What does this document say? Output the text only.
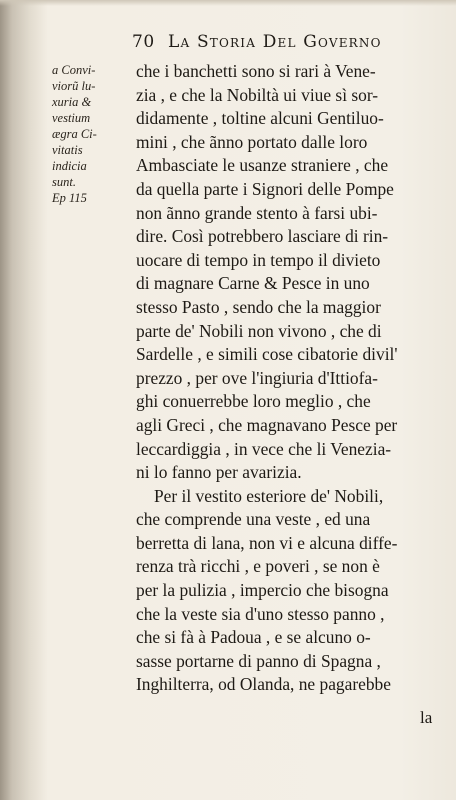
70 La Storia Del Governo
a Convi-
viorũ lu-
xuria &
vestium
ægra Ci-
vitatis
indicia
sunt.
Ep 115
che i banchetti sono si rari à Vene-
zia , e che la Nobiltà ui viue sì sor-
didamente , toltine alcuni Gentiluo-
mini , che ãnno portato dalle loro
Ambasciate le usanze straniere , che
da quella parte i Signori delle Pompe
non ãnno grande stento à farsi ubi-
dire. Così potrebbero lasciare di rin-
uocare di tempo in tempo il divieto
di magnare Carne & Pesce in uno
stesso Pasto , sendo che la maggior
parte de' Nobili non vivono , che di
Sardelle , e simili cose cibatorie divil'
prezzo , per ove l'ingiuria d'Ittiofa-
ghi conuerrebbe loro meglio , che
agli Greci , che magnavano Pesce per
leccardiggia , in vece che li Venezia-
ni lo fanno per avarizia.
Per il vestito esteriore de' Nobili,
che comprende una veste , ed una
berretta di lana, non vi e alcuna diffe-
renza trà ricchi , e poveri , se non è
per la pulizia , impercio che bisogna
che la veste sia d'uno stesso panno ,
che si fà à Padoua , e se alcuno o-
sasse portarne di panno di Spagna ,
Inghilterra, od Olanda, ne pagarebbe
la
